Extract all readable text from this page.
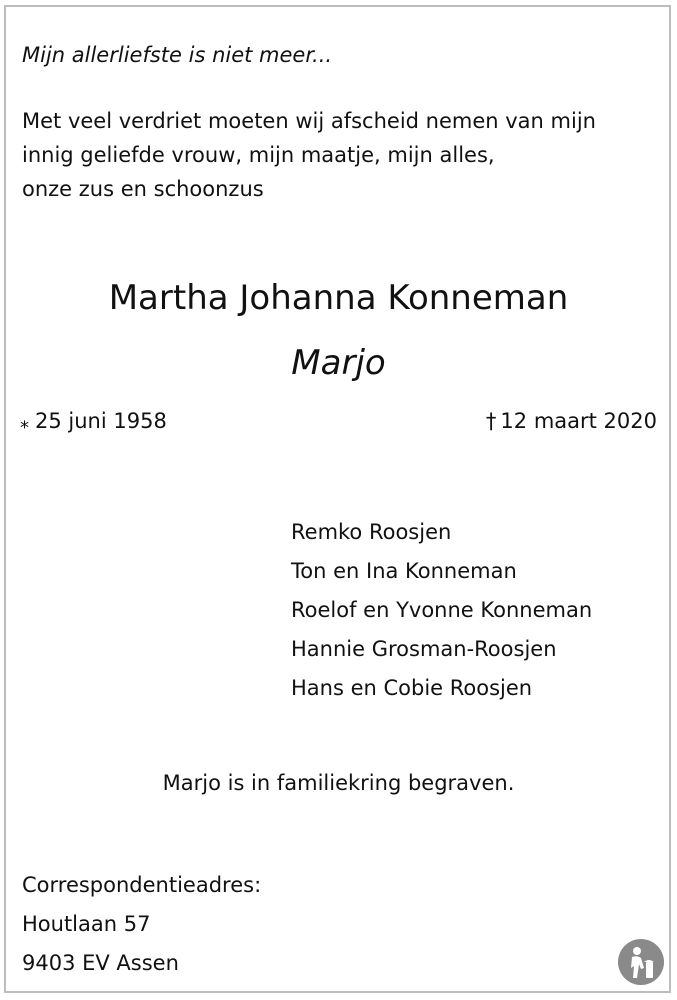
Mijn allerliefste is niet meer...
Met veel verdriet moeten wij afscheid nemen van mijn
innig geliefde vrouw, mijn maatje, mijn alles,
onze zus en schoonzus
Martha Johanna Konneman
Marjo
⁎ 25 juni 1958	† 12 maart 2020
Remko Roosjen
Ton en Ina Konneman
Roelof en Yvonne Konneman
Hannie Grosman-Roosjen
Hans en Cobie Roosjen
Marjo is in familiekring begraven.
Correspondentieadres:
Houtlaan 57
9403 EV Assen
